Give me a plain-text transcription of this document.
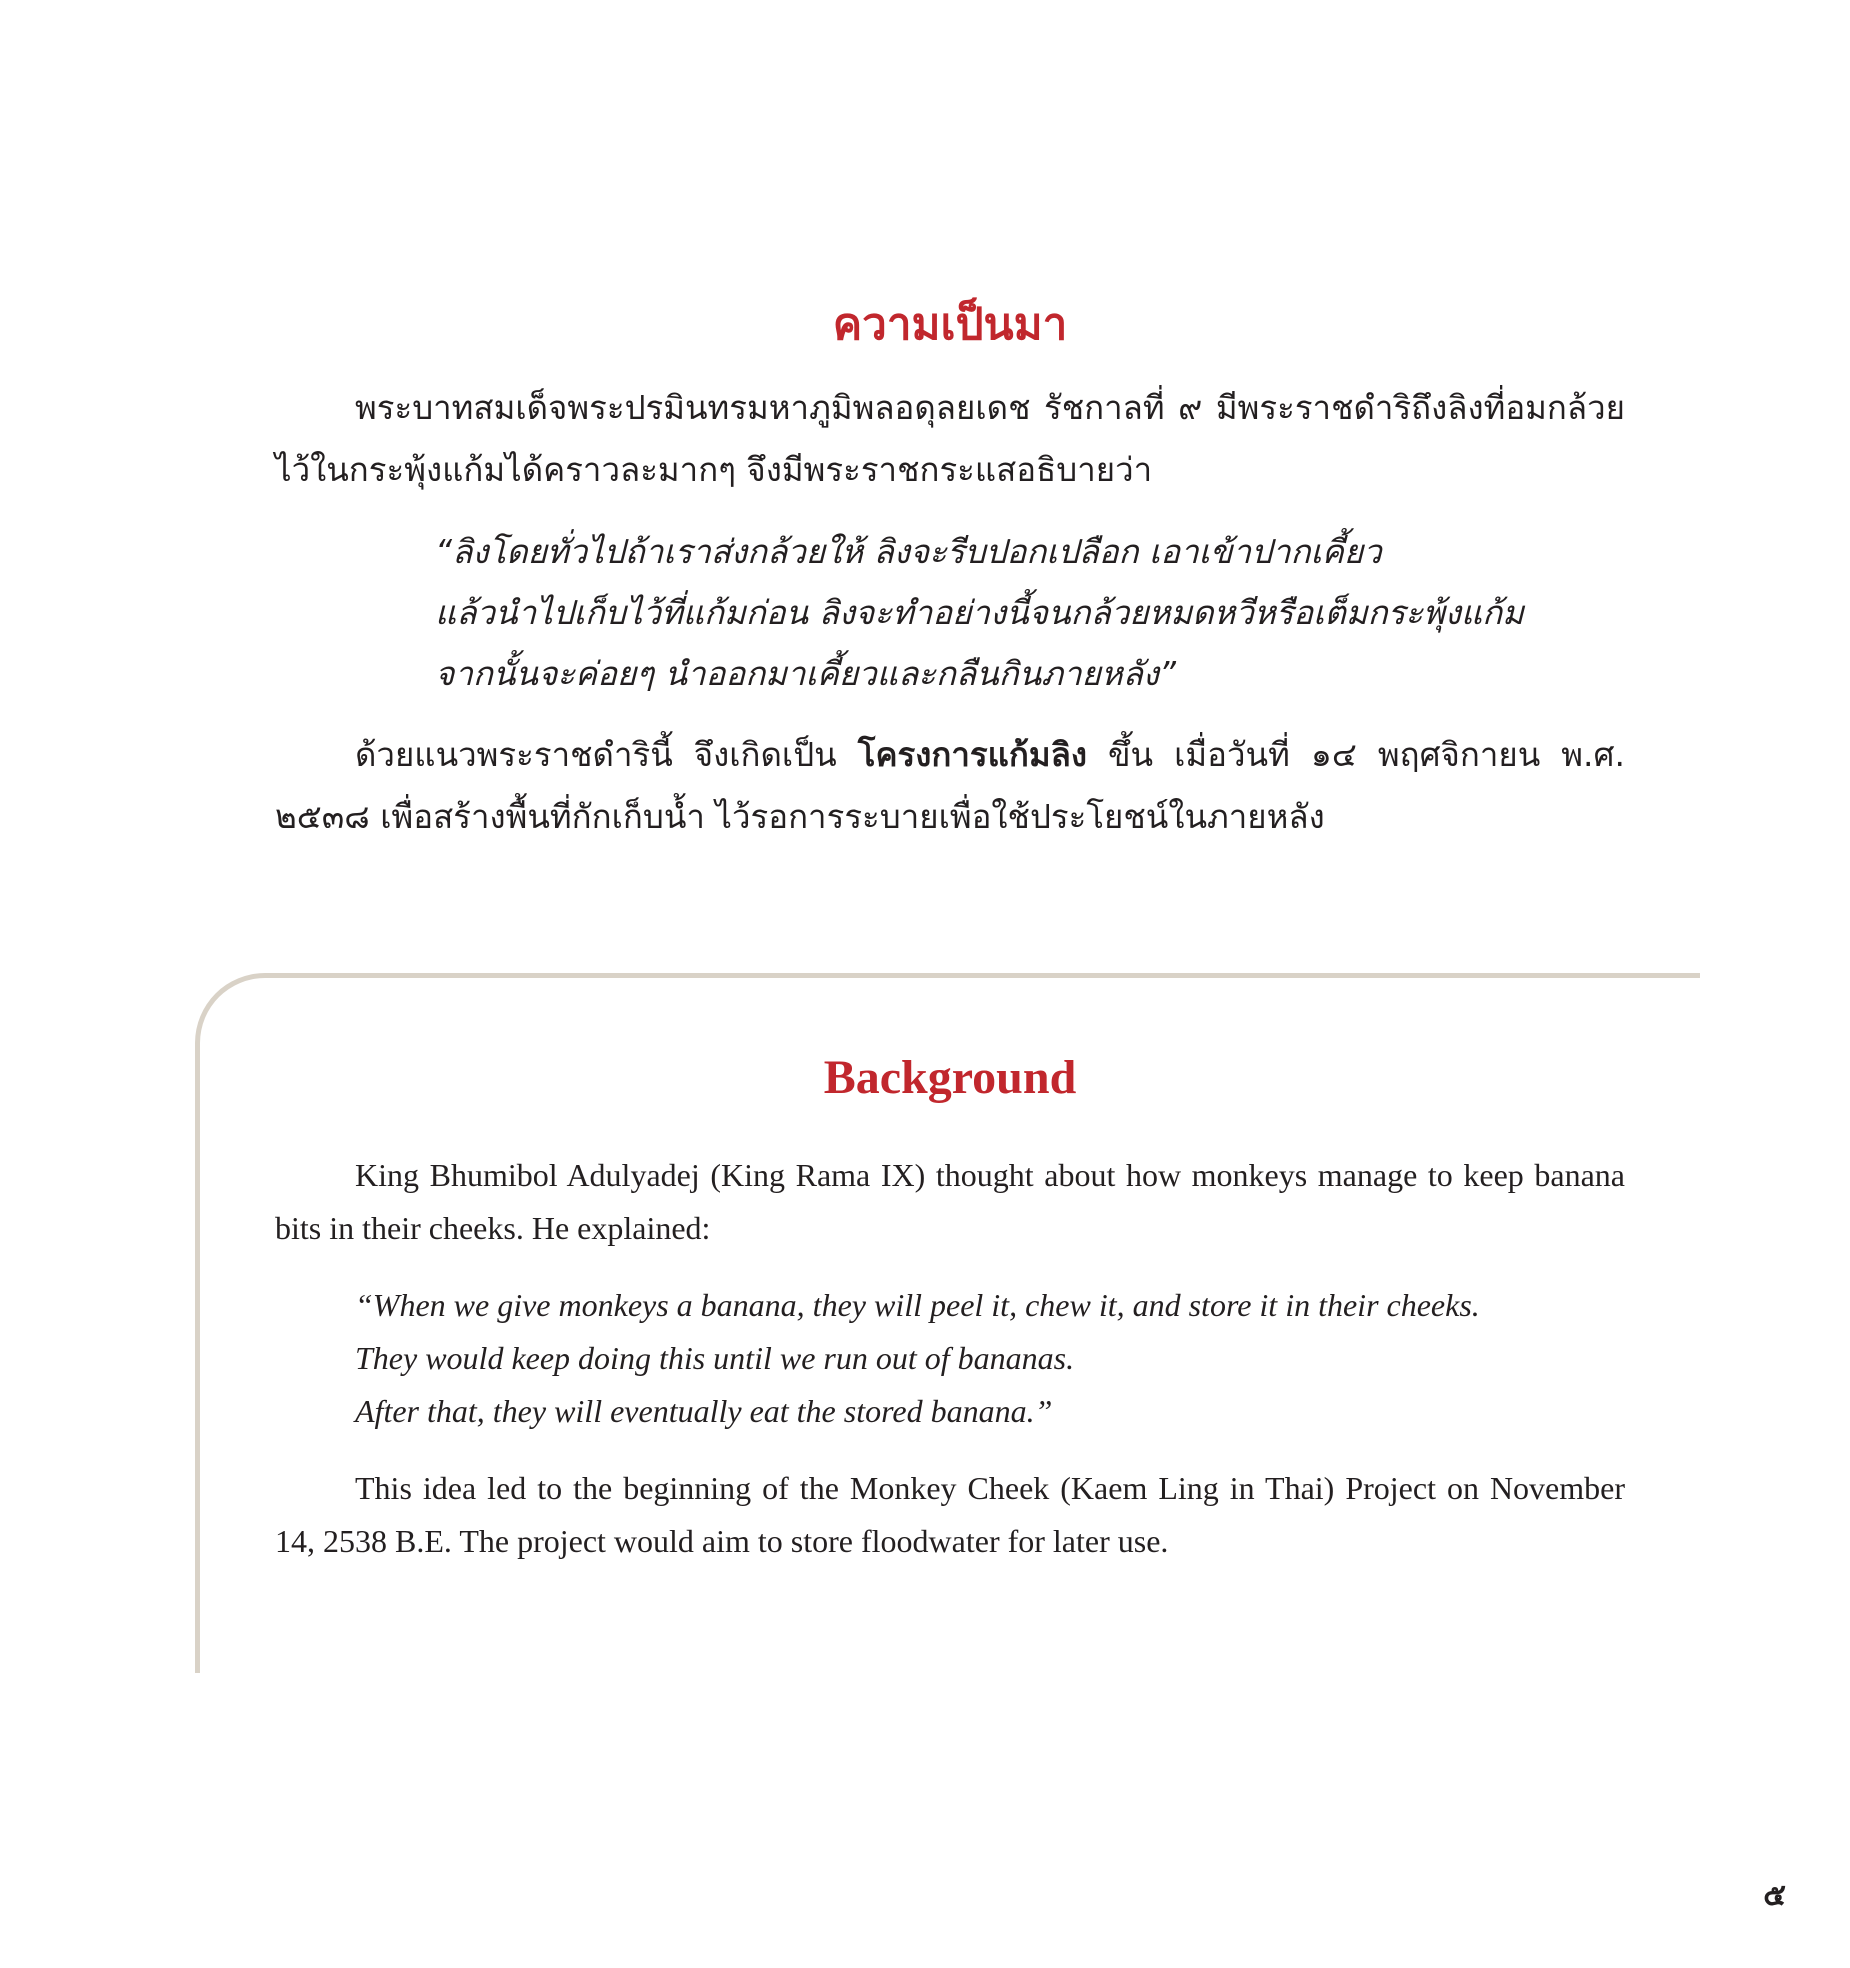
ความเป็นมา

พระบาทสมเด็จพระปรมินทรมหาภูมิพลอดุลยเดช รัชกาลที่ ๙ มีพระราชดำริถึงลิงที่อมกล้วยไว้ในกระพุ้งแก้มได้คราวละมากๆ จึงมีพระราชกระแสอธิบายว่า

“ลิงโดยทั่วไปถ้าเราส่งกล้วยให้ ลิงจะรีบปอกเปลือก เอาเข้าปากเคี้ยว
แล้วนำไปเก็บไว้ที่แก้มก่อน ลิงจะทำอย่างนี้จนกล้วยหมดหวีหรือเต็มกระพุ้งแก้ม
จากนั้นจะค่อยๆ นำออกมาเคี้ยวและกลืนกินภายหลัง”

ด้วยแนวพระราชดำรินี้ จึงเกิดเป็น โครงการแก้มลิง ขึ้น เมื่อวันที่ ๑๔ พฤศจิกายน พ.ศ. ๒๕๓๘ เพื่อสร้างพื้นที่กักเก็บน้ำ ไว้รอการระบายเพื่อใช้ประโยชน์ในภายหลัง

Background

King Bhumibol Adulyadej (King Rama IX) thought about how monkeys manage to keep banana bits in their cheeks. He explained:

“When we give monkeys a banana, they will peel it, chew it, and store it in their cheeks.
They would keep doing this until we run out of bananas.
After that, they will eventually eat the stored banana.”

This idea led to the beginning of the Monkey Cheek (Kaem Ling in Thai) Project on November 14, 2538 B.E. The project would aim to store floodwater for later use.

๕
